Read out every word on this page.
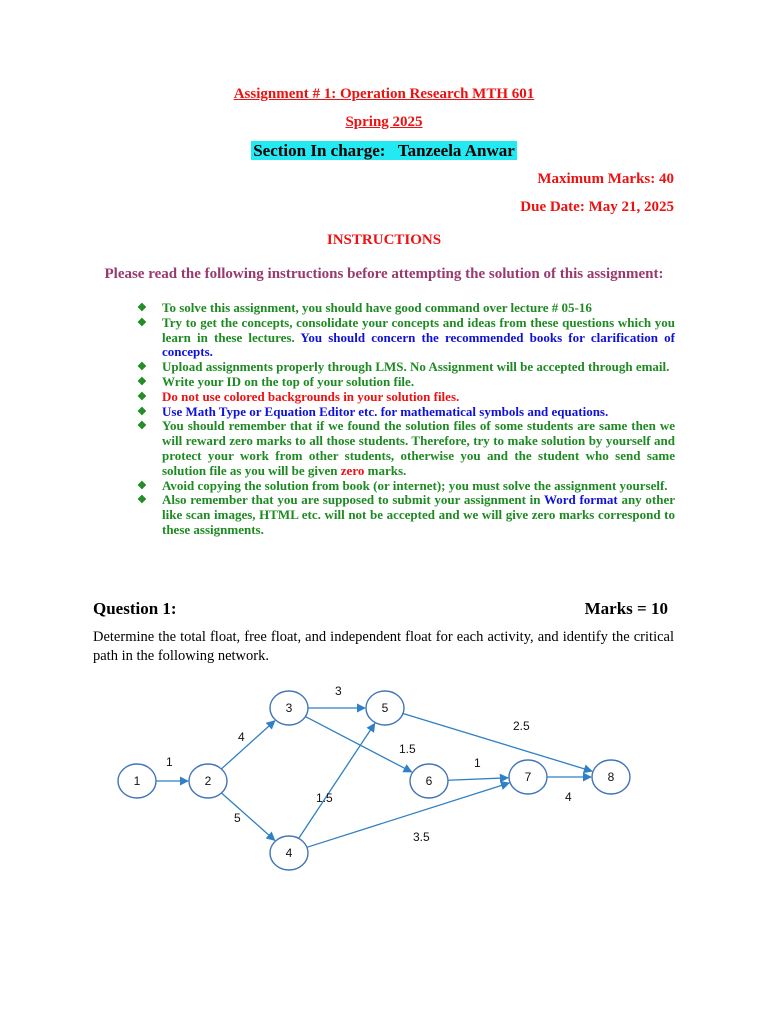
Assignment # 1: Operation Research MTH 601
Spring 2025
Section In charge:   Tanzeela Anwar
Maximum Marks: 40
Due Date: May 21, 2025
INSTRUCTIONS
Please read the following instructions before attempting the solution of this assignment:
❖ To solve this assignment, you should have good command over lecture # 05-16
❖ Try to get the concepts, consolidate your concepts and ideas from these questions which you learn in these lectures. You should concern the recommended books for clarification of concepts.
❖ Upload assignments properly through LMS. No Assignment will be accepted through email.
❖ Write your ID on the top of your solution file.
❖ Do not use colored backgrounds in your solution files.
❖ Use Math Type or Equation Editor etc. for mathematical symbols and equations.
❖ You should remember that if we found the solution files of some students are same then we will reward zero marks to all those students. Therefore, try to make solution by yourself and protect your work from other students, otherwise you and the student who send same solution file as you will be given zero marks.
❖ Avoid copying the solution from book (or internet); you must solve the assignment yourself.
❖ Also remember that you are supposed to submit your assignment in Word format any other like scan images, HTML etc. will not be accepted and we will give zero marks correspond to these assignments.
Question 1:	Marks = 10
Determine the total float, free float, and independent float for each activity, and identify the critical path in the following network.
1
4
5
3
1.5
1.5
3.5
2.5
1
4
1	2
3
4
5
6	7	8
